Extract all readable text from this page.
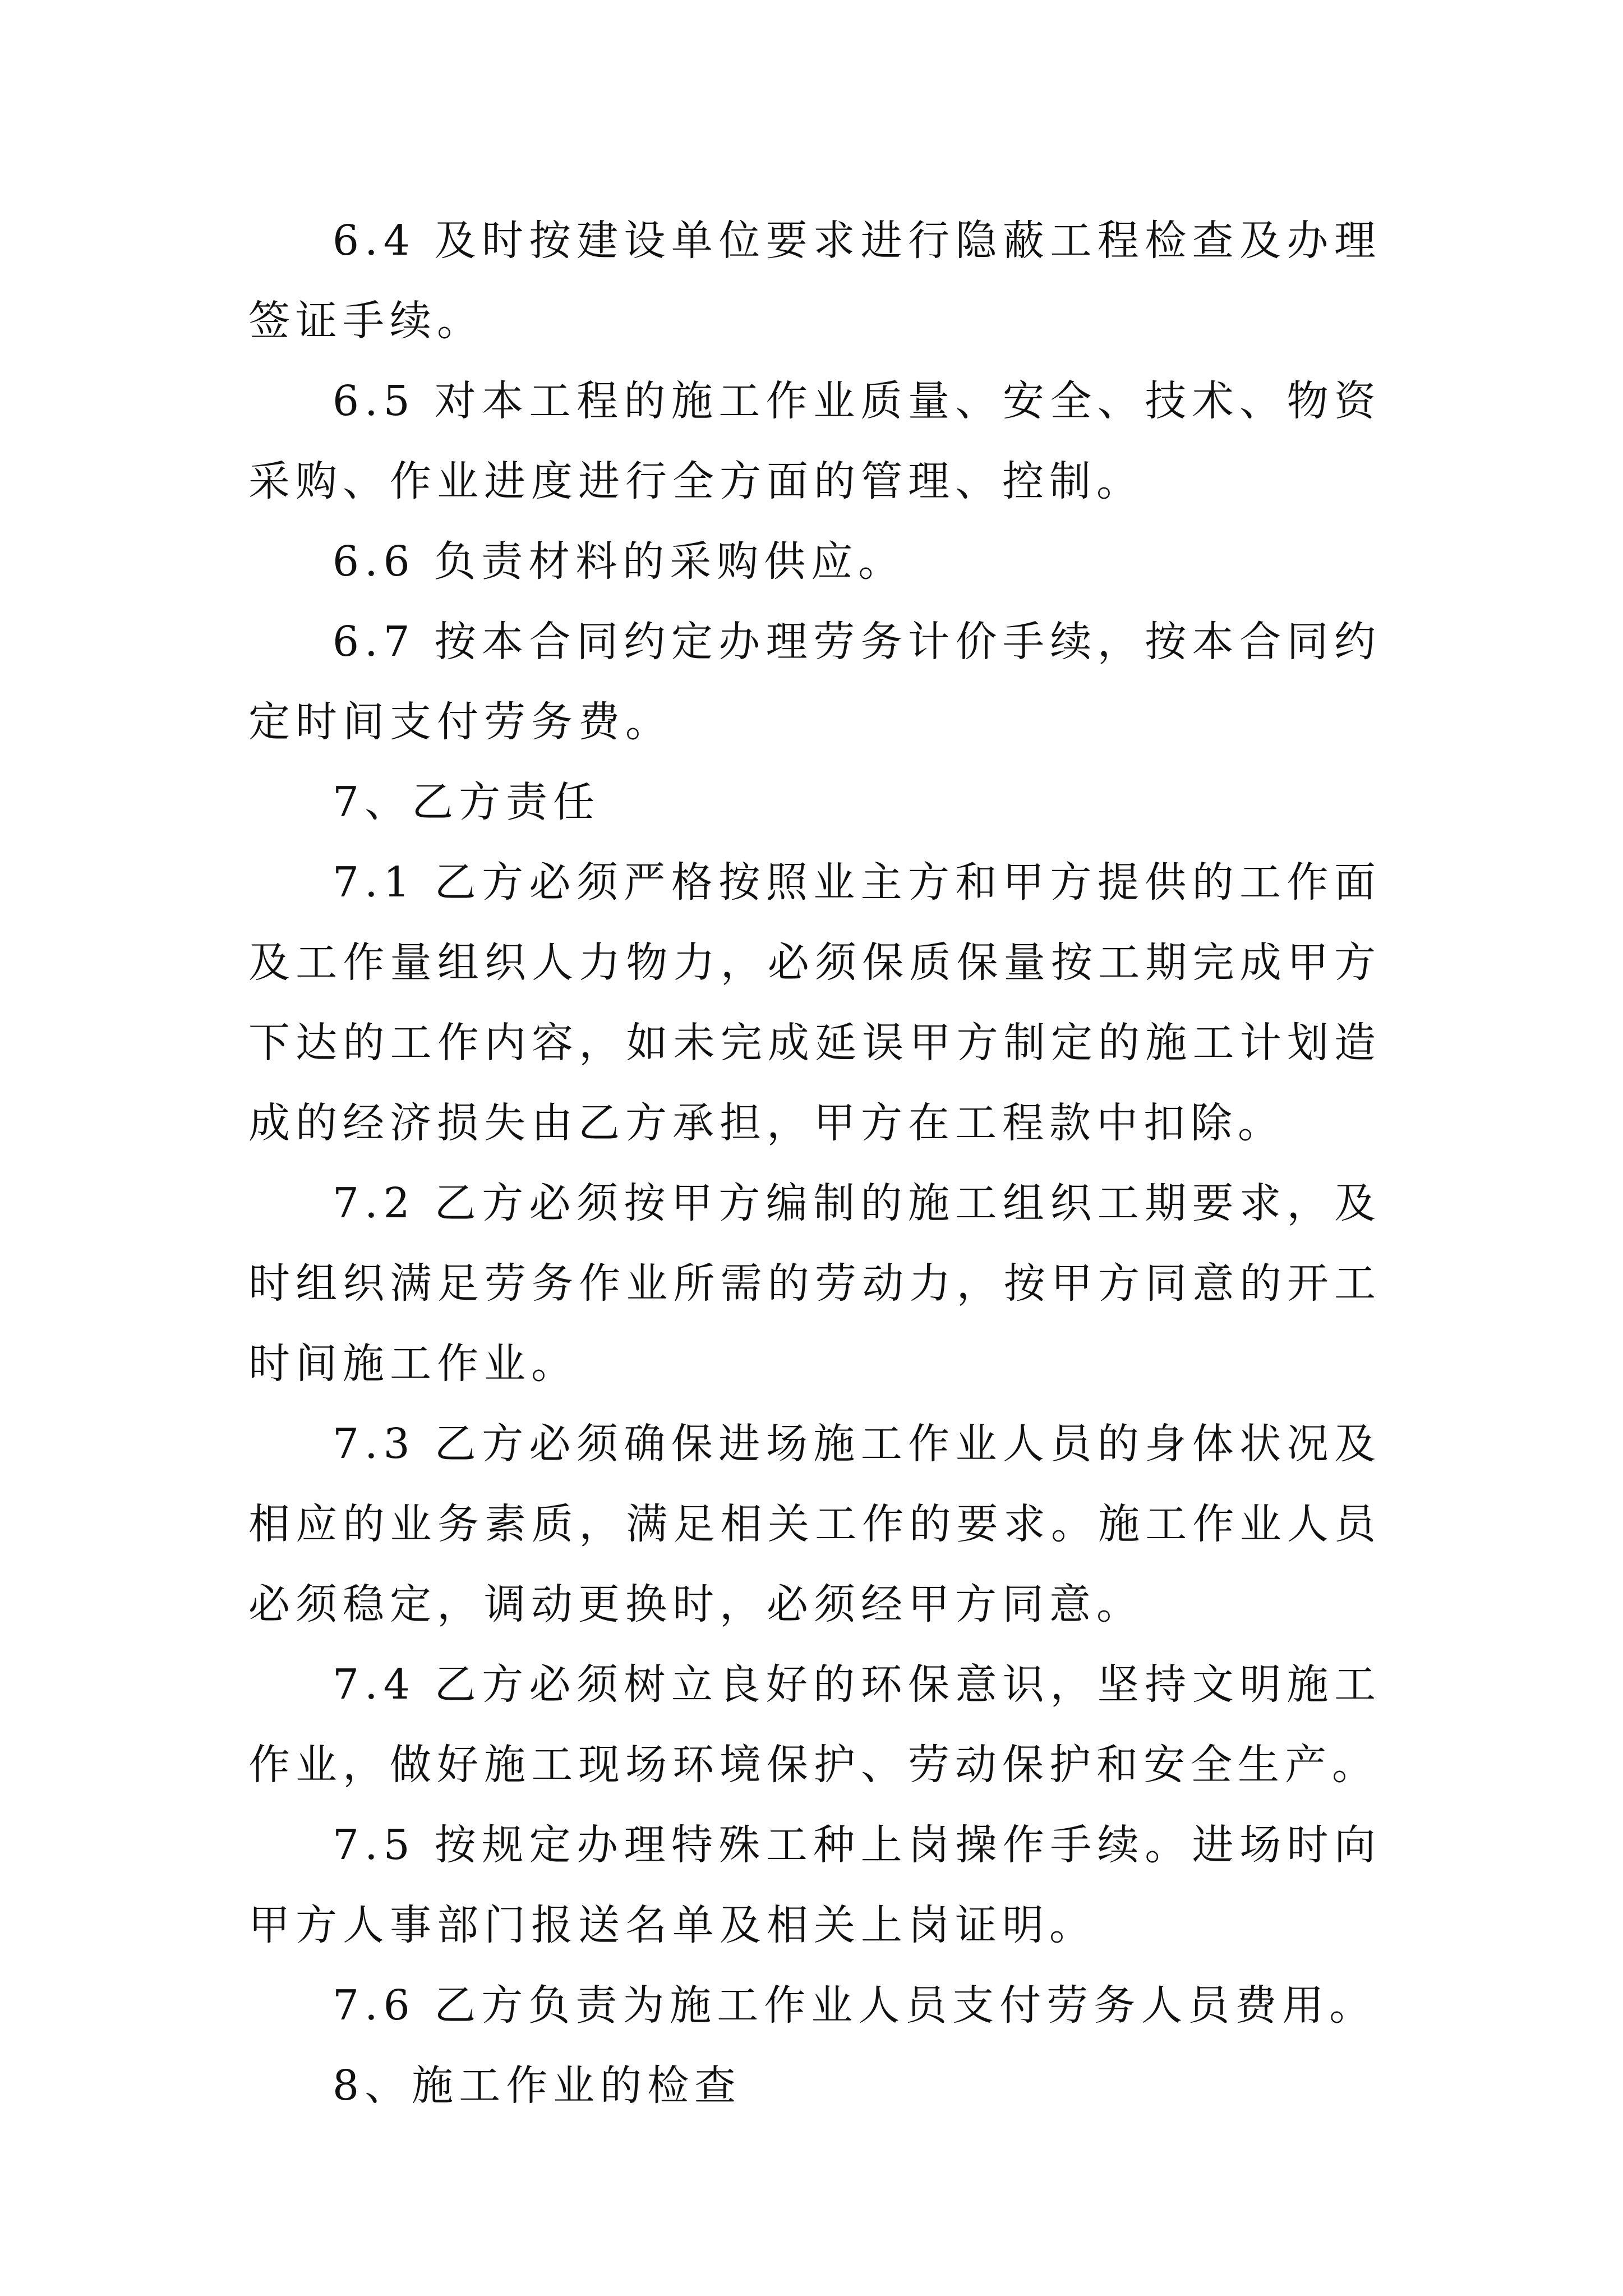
6.4 及时按建设单位要求进行隐蔽工程检查及办理签证手续。

6.5 对本工程的施工作业质量、安全、技术、物资采购、作业进度进行全方面的管理、控制。

6.6 负责材料的采购供应。

6.7 按本合同约定办理劳务计价手续，按本合同约定时间支付劳务费。

7、乙方责任

7.1 乙方必须严格按照业主方和甲方提供的工作面及工作量组织人力物力，必须保质保量按工期完成甲方下达的工作内容，如未完成延误甲方制定的施工计划造成的经济损失由乙方承担，甲方在工程款中扣除。

7.2 乙方必须按甲方编制的施工组织工期要求，及时组织满足劳务作业所需的劳动力，按甲方同意的开工时间施工作业。

7.3 乙方必须确保进场施工作业人员的身体状况及相应的业务素质，满足相关工作的要求。施工作业人员必须稳定，调动更换时，必须经甲方同意。

7.4 乙方必须树立良好的环保意识，坚持文明施工作业，做好施工现场环境保护、劳动保护和安全生产。

7.5 按规定办理特殊工种上岗操作手续。进场时向甲方人事部门报送名单及相关上岗证明。

7.6 乙方负责为施工作业人员支付劳务人员费用。

8、施工作业的检查
